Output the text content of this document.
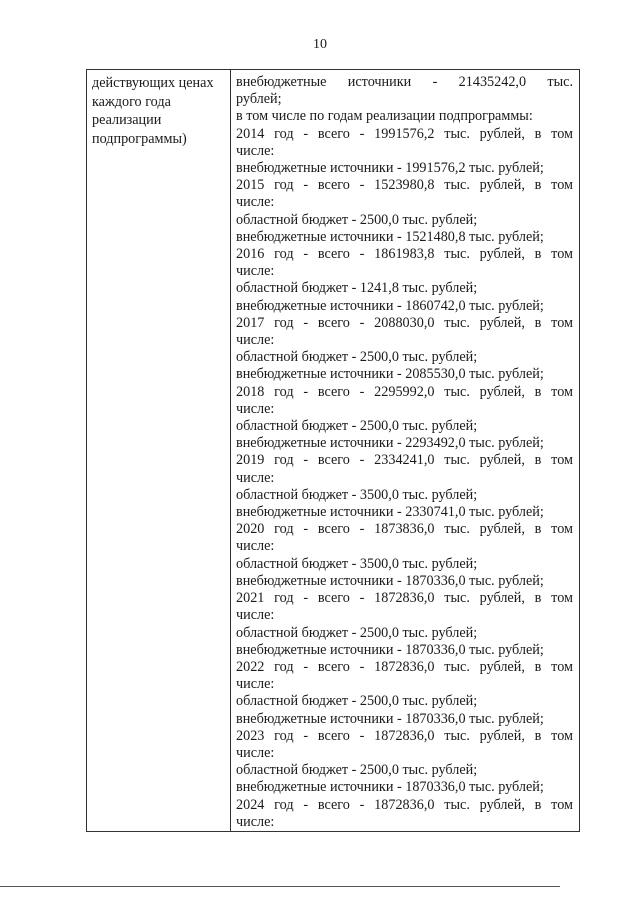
10
действующих ценах
каждого года
реализации
подпрограммы)
внебюджетные источники - 21435242,0 тыс.
рублей;
в том числе по годам реализации подпрограммы:
2014 год - всего - 1991576,2 тыс. рублей, в том
числе:
внебюджетные источники - 1991576,2 тыс. рублей;
2015 год - всего - 1523980,8 тыс. рублей, в том
числе:
областной бюджет - 2500,0 тыс. рублей;
внебюджетные источники - 1521480,8 тыс. рублей;
2016 год - всего - 1861983,8 тыс. рублей, в том
числе:
областной бюджет - 1241,8 тыс. рублей;
внебюджетные источники - 1860742,0 тыс. рублей;
2017 год - всего - 2088030,0 тыс. рублей, в том
числе:
областной бюджет - 2500,0 тыс. рублей;
внебюджетные источники - 2085530,0 тыс. рублей;
2018 год - всего - 2295992,0 тыс. рублей, в том
числе:
областной бюджет - 2500,0 тыс. рублей;
внебюджетные источники - 2293492,0 тыс. рублей;
2019 год - всего - 2334241,0 тыс. рублей, в том
числе:
областной бюджет - 3500,0 тыс. рублей;
внебюджетные источники - 2330741,0 тыс. рублей;
2020 год - всего - 1873836,0 тыс. рублей, в том
числе:
областной бюджет - 3500,0 тыс. рублей;
внебюджетные источники - 1870336,0 тыс. рублей;
2021 год - всего - 1872836,0 тыс. рублей, в том
числе:
областной бюджет - 2500,0 тыс. рублей;
внебюджетные источники - 1870336,0 тыс. рублей;
2022 год - всего - 1872836,0 тыс. рублей, в том
числе:
областной бюджет - 2500,0 тыс. рублей;
внебюджетные источники - 1870336,0 тыс. рублей;
2023 год - всего - 1872836,0 тыс. рублей, в том
числе:
областной бюджет - 2500,0 тыс. рублей;
внебюджетные источники - 1870336,0 тыс. рублей;
2024 год - всего - 1872836,0 тыс. рублей, в том
числе:
